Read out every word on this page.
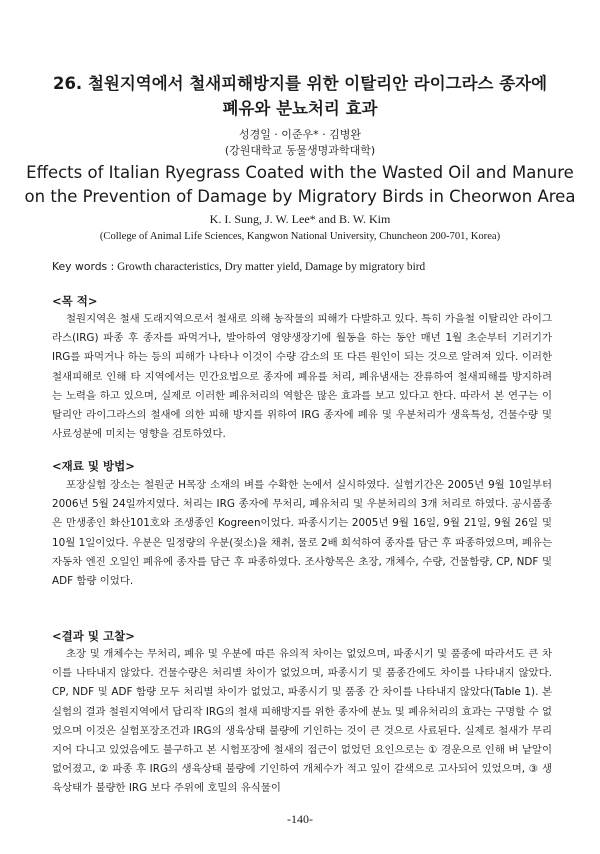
26. 철원지역에서 철새피해방지를 위한 이탈리안 라이그라스 종자에
폐유와 분뇨처리 효과
성경일 · 이준우* · 김병완
(강원대학교 동물생명과학대학)
Effects of Italian Ryegrass Coated with the Wasted Oil and Manure
on the Prevention of Damage by Migratory Birds in Cheorwon Area
K. I. Sung, J. W. Lee* and B. W. Kim
(College of Animal Life Sciences, Kangwon National University, Chuncheon 200-701, Korea)
Key words : Growth characteristics, Dry matter yield, Damage by migratory bird
<목 적>

철원지역은 철새 도래지역으로서 철새로 의해 농작물의 피해가 다발하고 있다. 특히 가을철 이탈리안 라이그라스(IRG) 파종 후 종자를 파먹거나, 발아하여 영양생장기에 월동을 하는 동안 매년 1월 초순부터 기러기가 IRG를 파먹거나 하는 등의 피해가 나타나 이것이 수량 감소의 또 다른 원인이 되는 것으로 알려져 있다. 이러한 철새피해로 인해 타 지역에서는 민간요법으로 종자에 폐유를 처리, 폐유냄새는 잔류하여 철새피해를 방지하려는 노력을 하고 있으며, 실제로 이러한 폐유처리의 역할은 많은 효과를 보고 있다고 한다. 따라서 본 연구는 이탈리안 라이그라스의 철새에 의한 피해 방지를 위하여 IRG 종자에 폐유 및 우분처리가 생육특성, 건물수량 및 사료성분에 미치는 영향을 검토하였다.

<재료 및 방법>

포장실험 장소는 철원군 H목장 소재의 벼를 수확한 논에서 실시하였다. 실험기간은 2005년 9월 10일부터 2006년 5월 24일까지였다. 처리는 IRG 종자에 무처리, 폐유처리 및 우분처리의 3개 처리로 하였다. 공시품종은 만생종인 화산101호와 조생종인 Kogreen이었다. 파종시기는 2005년 9월 16일, 9월 21일, 9월 26일 및 10월 1일이었다. 우분은 일정량의 우분(젖소)을 채취, 물로 2배 희석하여 종자를 담근 후 파종하였으며, 폐유는 자동차 엔진 오일인 폐유에 종자를 담근 후 파종하였다. 조사항목은 초장, 개체수, 수량, 건물함량, CP, NDF 및 ADF 함량 이었다.

<결과 및 고찰>

초장 및 개체수는 무처리, 폐유 및 우분에 따른 유의적 차이는 없었으며, 파종시기 및 품종에 따라서도 큰 차이를 나타내지 않았다. 건물수량은 처리별 차이가 없었으며, 파종시기 및 품종간에도 차이를 나타내지 않았다. CP, NDF 및 ADF 함량 모두 처리별 차이가 없었고, 파종시기 및 품종 간 차이를 나타내지 않았다(Table 1). 본 실험의 결과 철원지역에서 답리작 IRG의 철새 피해방지를 위한 종자에 분뇨 및 폐유처리의 효과는 구명할 수 없었으며 이것은 실험포장조건과 IRG의 생육상태 불량에 기인하는 것이 큰 것으로 사료된다. 실제로 철새가 무리 지어 다니고 있었음에도 불구하고 본 시험포장에 철새의 접근이 없었던 요인으로는 ① 경운으로 인해 벼 낱알이 없어졌고, ② 파종 후 IRG의 생육상태 불량에 기인하여 개체수가 적고 잎이 갈색으로 고사되어 있었으며, ③ 생육상태가 불량한 IRG 보다 주위에 호밀의 유식물이

-140-
